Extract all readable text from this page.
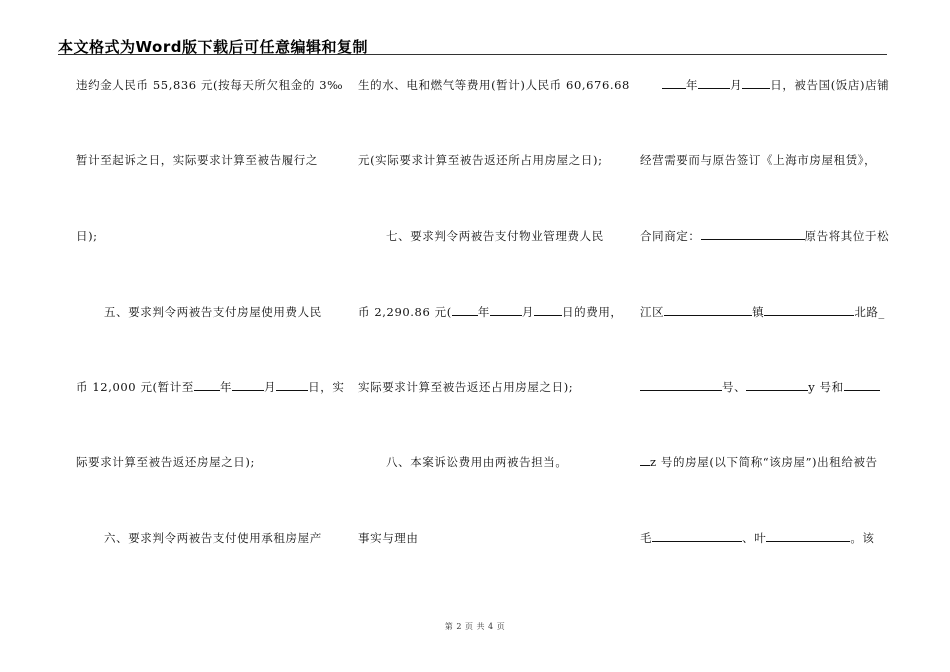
本文格式为Word版下载后可任意编辑和复制
违约金人民币 55,836 元(按每天所欠租金的 3‰
暂计至起诉之日，实际要求计算至被告履行之
日);
五、要求判令两被告支付房屋使用费人民
币 12,000 元(暂计至 年	月	日，实
际要求计算至被告返还房屋之日);
六、要求判令两被告支付使用承租房屋产
生的水、电和燃气等费用(暂计)人民币 60,676.68
元(实际要求计算至被告返还所占用房屋之日);
七、要求判令两被告支付物业管理费人民
币 2,290.86 元( 年	月 日的费用，
实际要求计算至被告返还占用房屋之日);
八、本案诉讼费用由两被告担当。
事实与理由
年	月 日，被告国(饭店)店铺
经营需要而与原告签订《上海市房屋租赁》，
合同商定：	原告将其位于松
江区	镇	北路_
号、	y 号和
z 号的房屋(以下简称“该房屋”)出租给被告
毛	、叶	。该
第 2 页 共 4 页
